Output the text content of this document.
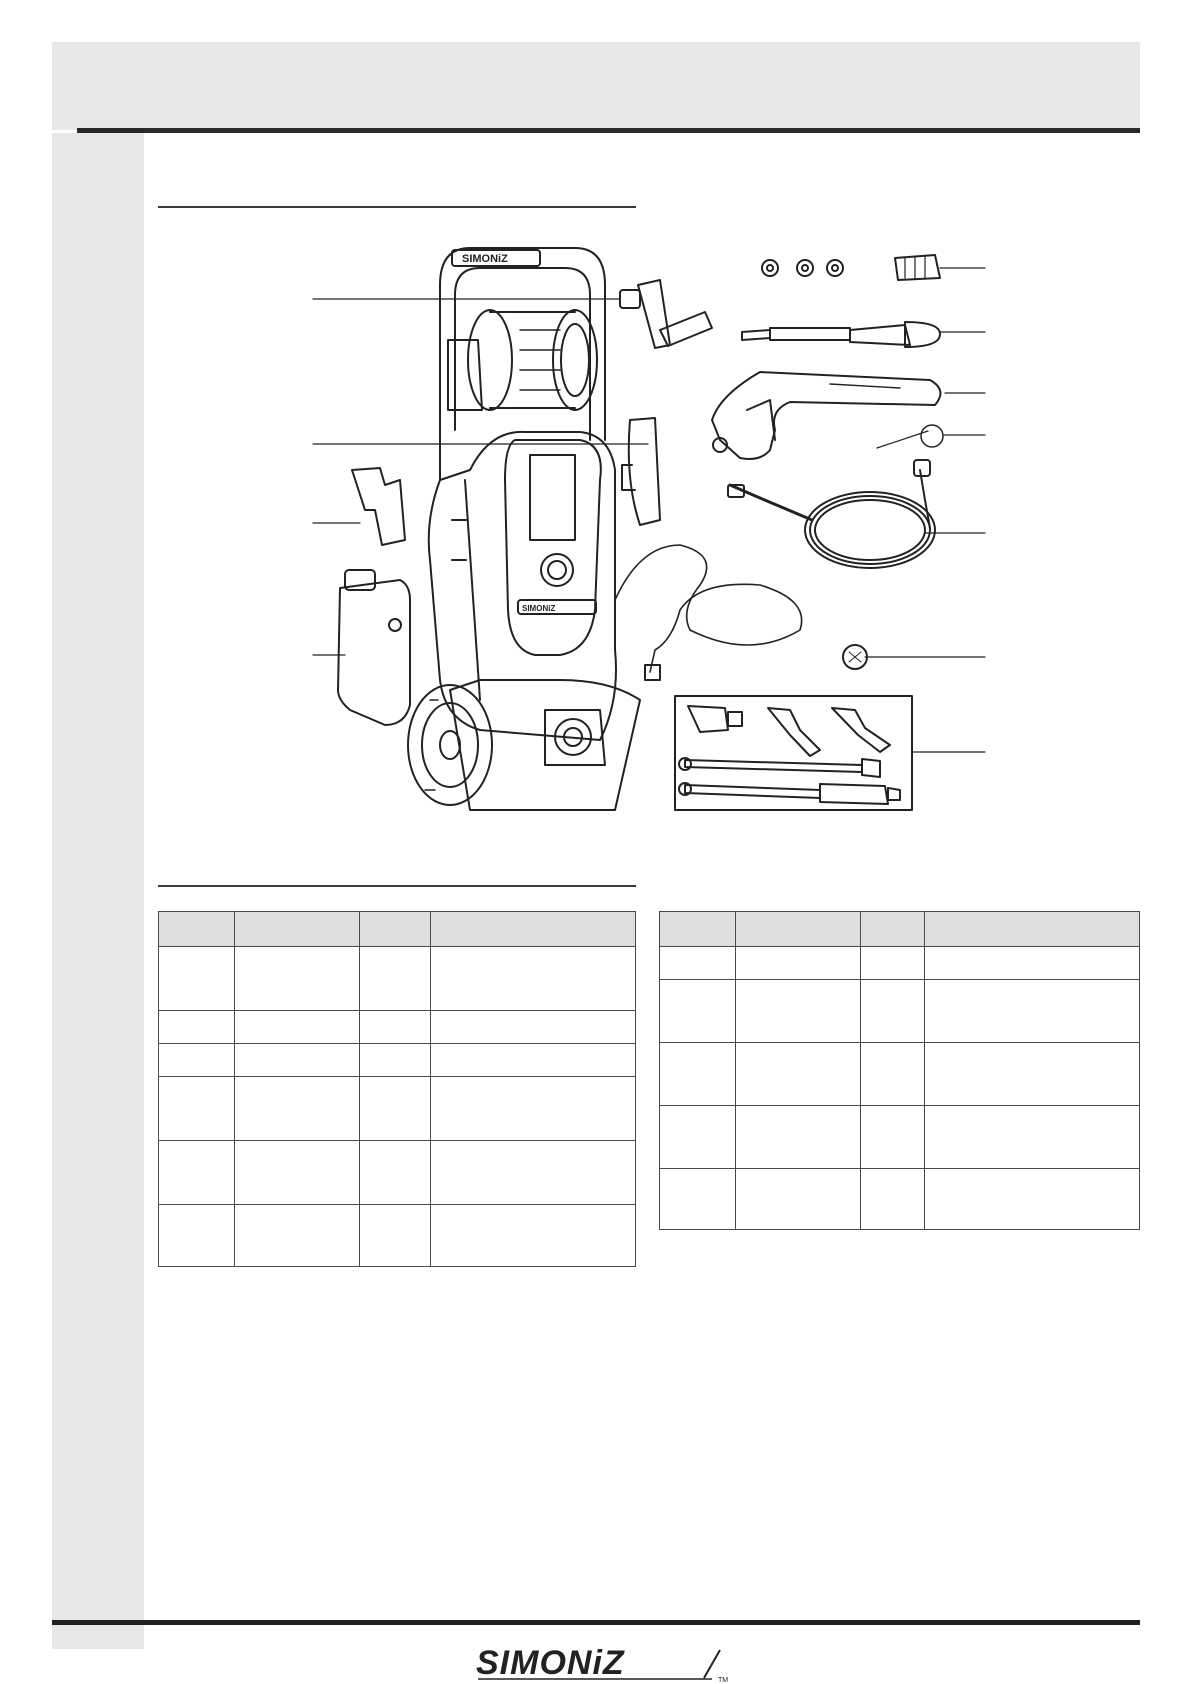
SIMONiZ
SIMONiZ

SIMONiZ	TM
